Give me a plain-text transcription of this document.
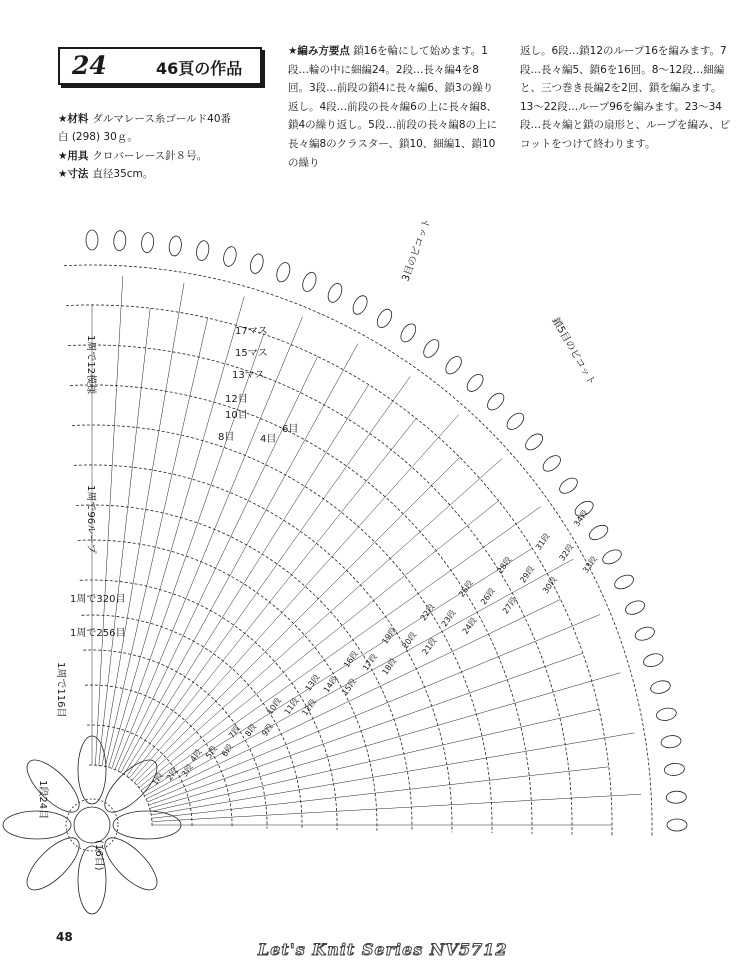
24	46頁の作品
★材料 ダルマレース糸ゴールド40番
白 (298) 30ｇ。
★用具 クロバーレース針８号。
★寸法 直径35cm。
★編み方要点 鎖16を輪にして始めます。1段…輪の中に細編24。2段…長々編4を8回。3段…前段の鎖4に長々編6、鎖3の繰り返し。4段…前段の長々編6の上に長々編8、鎖4の繰り返し。5段…前段の長々編8の上に長々編8のクラスター、鎖10、細編1、鎖10の繰り
返し。6段…鎖12のループ16を編みます。7段…長々編5、鎖6を16回。8〜12段…細編と、三つ巻き長編2を2回、鎖を編みます。13〜22段…ループ96を編みます。23〜34段…長々編と鎖の扇形と、ループを編み、ピコットをつけて終わります。
1周で12模様
1周で96ループ
1周で320目
1周で256目
1周で116目
1段24目
(16目)
17マス
15マス
13マス
12目
10目
8目
6目
4目
3目のピコット
鎖5目のピコット
1段 2段 3段
4段 5段 6段
7段 8段 9段
10段 11段 12段
13段 14段 15段
16段 17段 18段
19段 20段 21段
22段 23段 24段
25段 26段 27段
28段 29段
30段
31段
32段
33段
34段
48
Let's Knit Series NV5712
